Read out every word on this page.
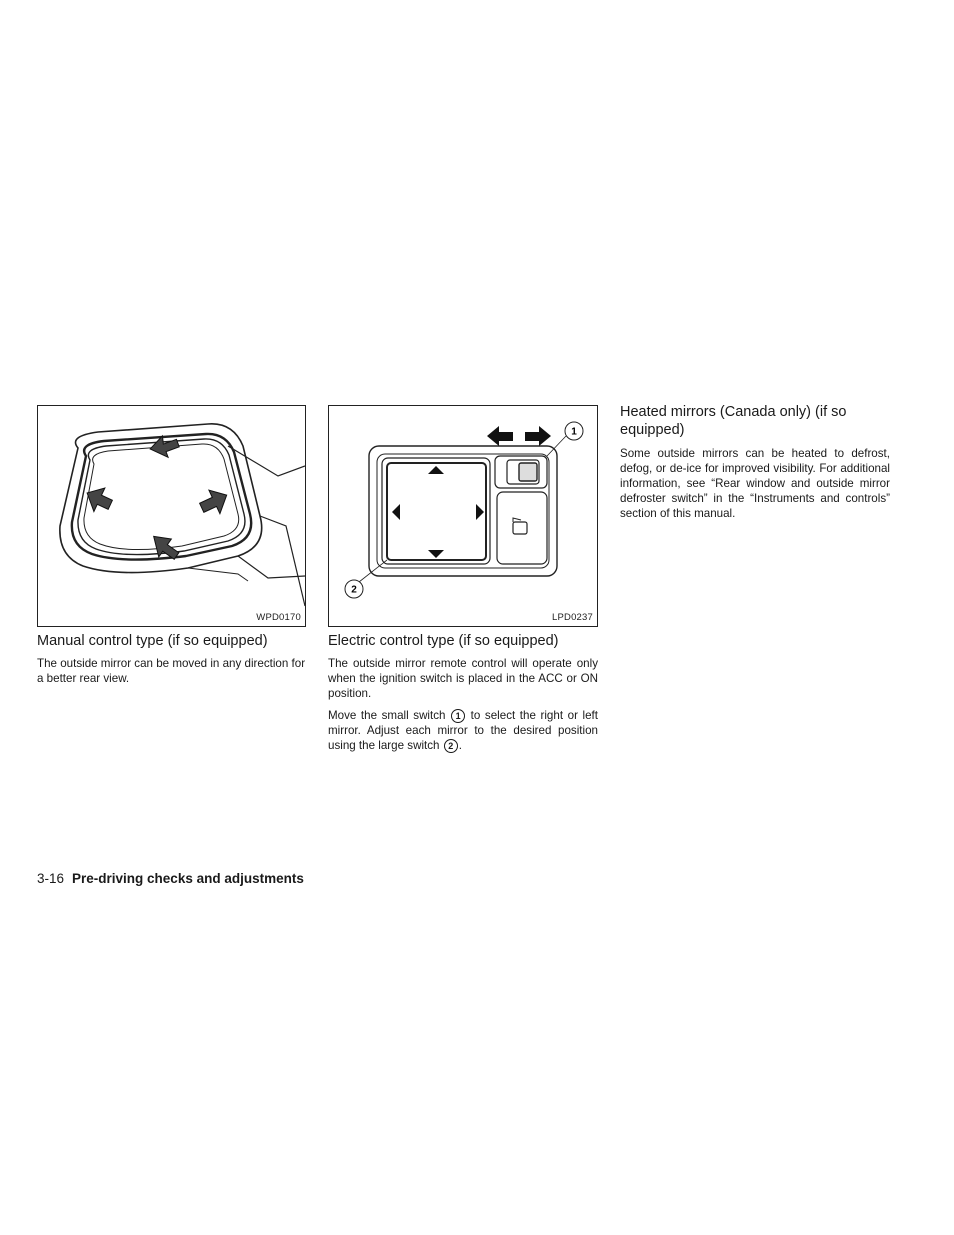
WPD0170
Manual control type (if so equipped)

The outside mirror can be moved in any direction for a better rear view.

1
2
LPD0237
Electric control type (if so equipped)

The outside mirror remote control will operate only when the ignition switch is placed in the ACC or ON position.

Move the small switch 1 to select the right or left mirror. Adjust each mirror to the desired position using the large switch 2 .

Heated mirrors (Canada only) (if so equipped)

Some outside mirrors can be heated to defrost, defog, or de-ice for improved visibility. For additional information, see “Rear window and outside mirror defroster switch” in the “Instruments and controls” section of this manual.

3-16 Pre-driving checks and adjustments
